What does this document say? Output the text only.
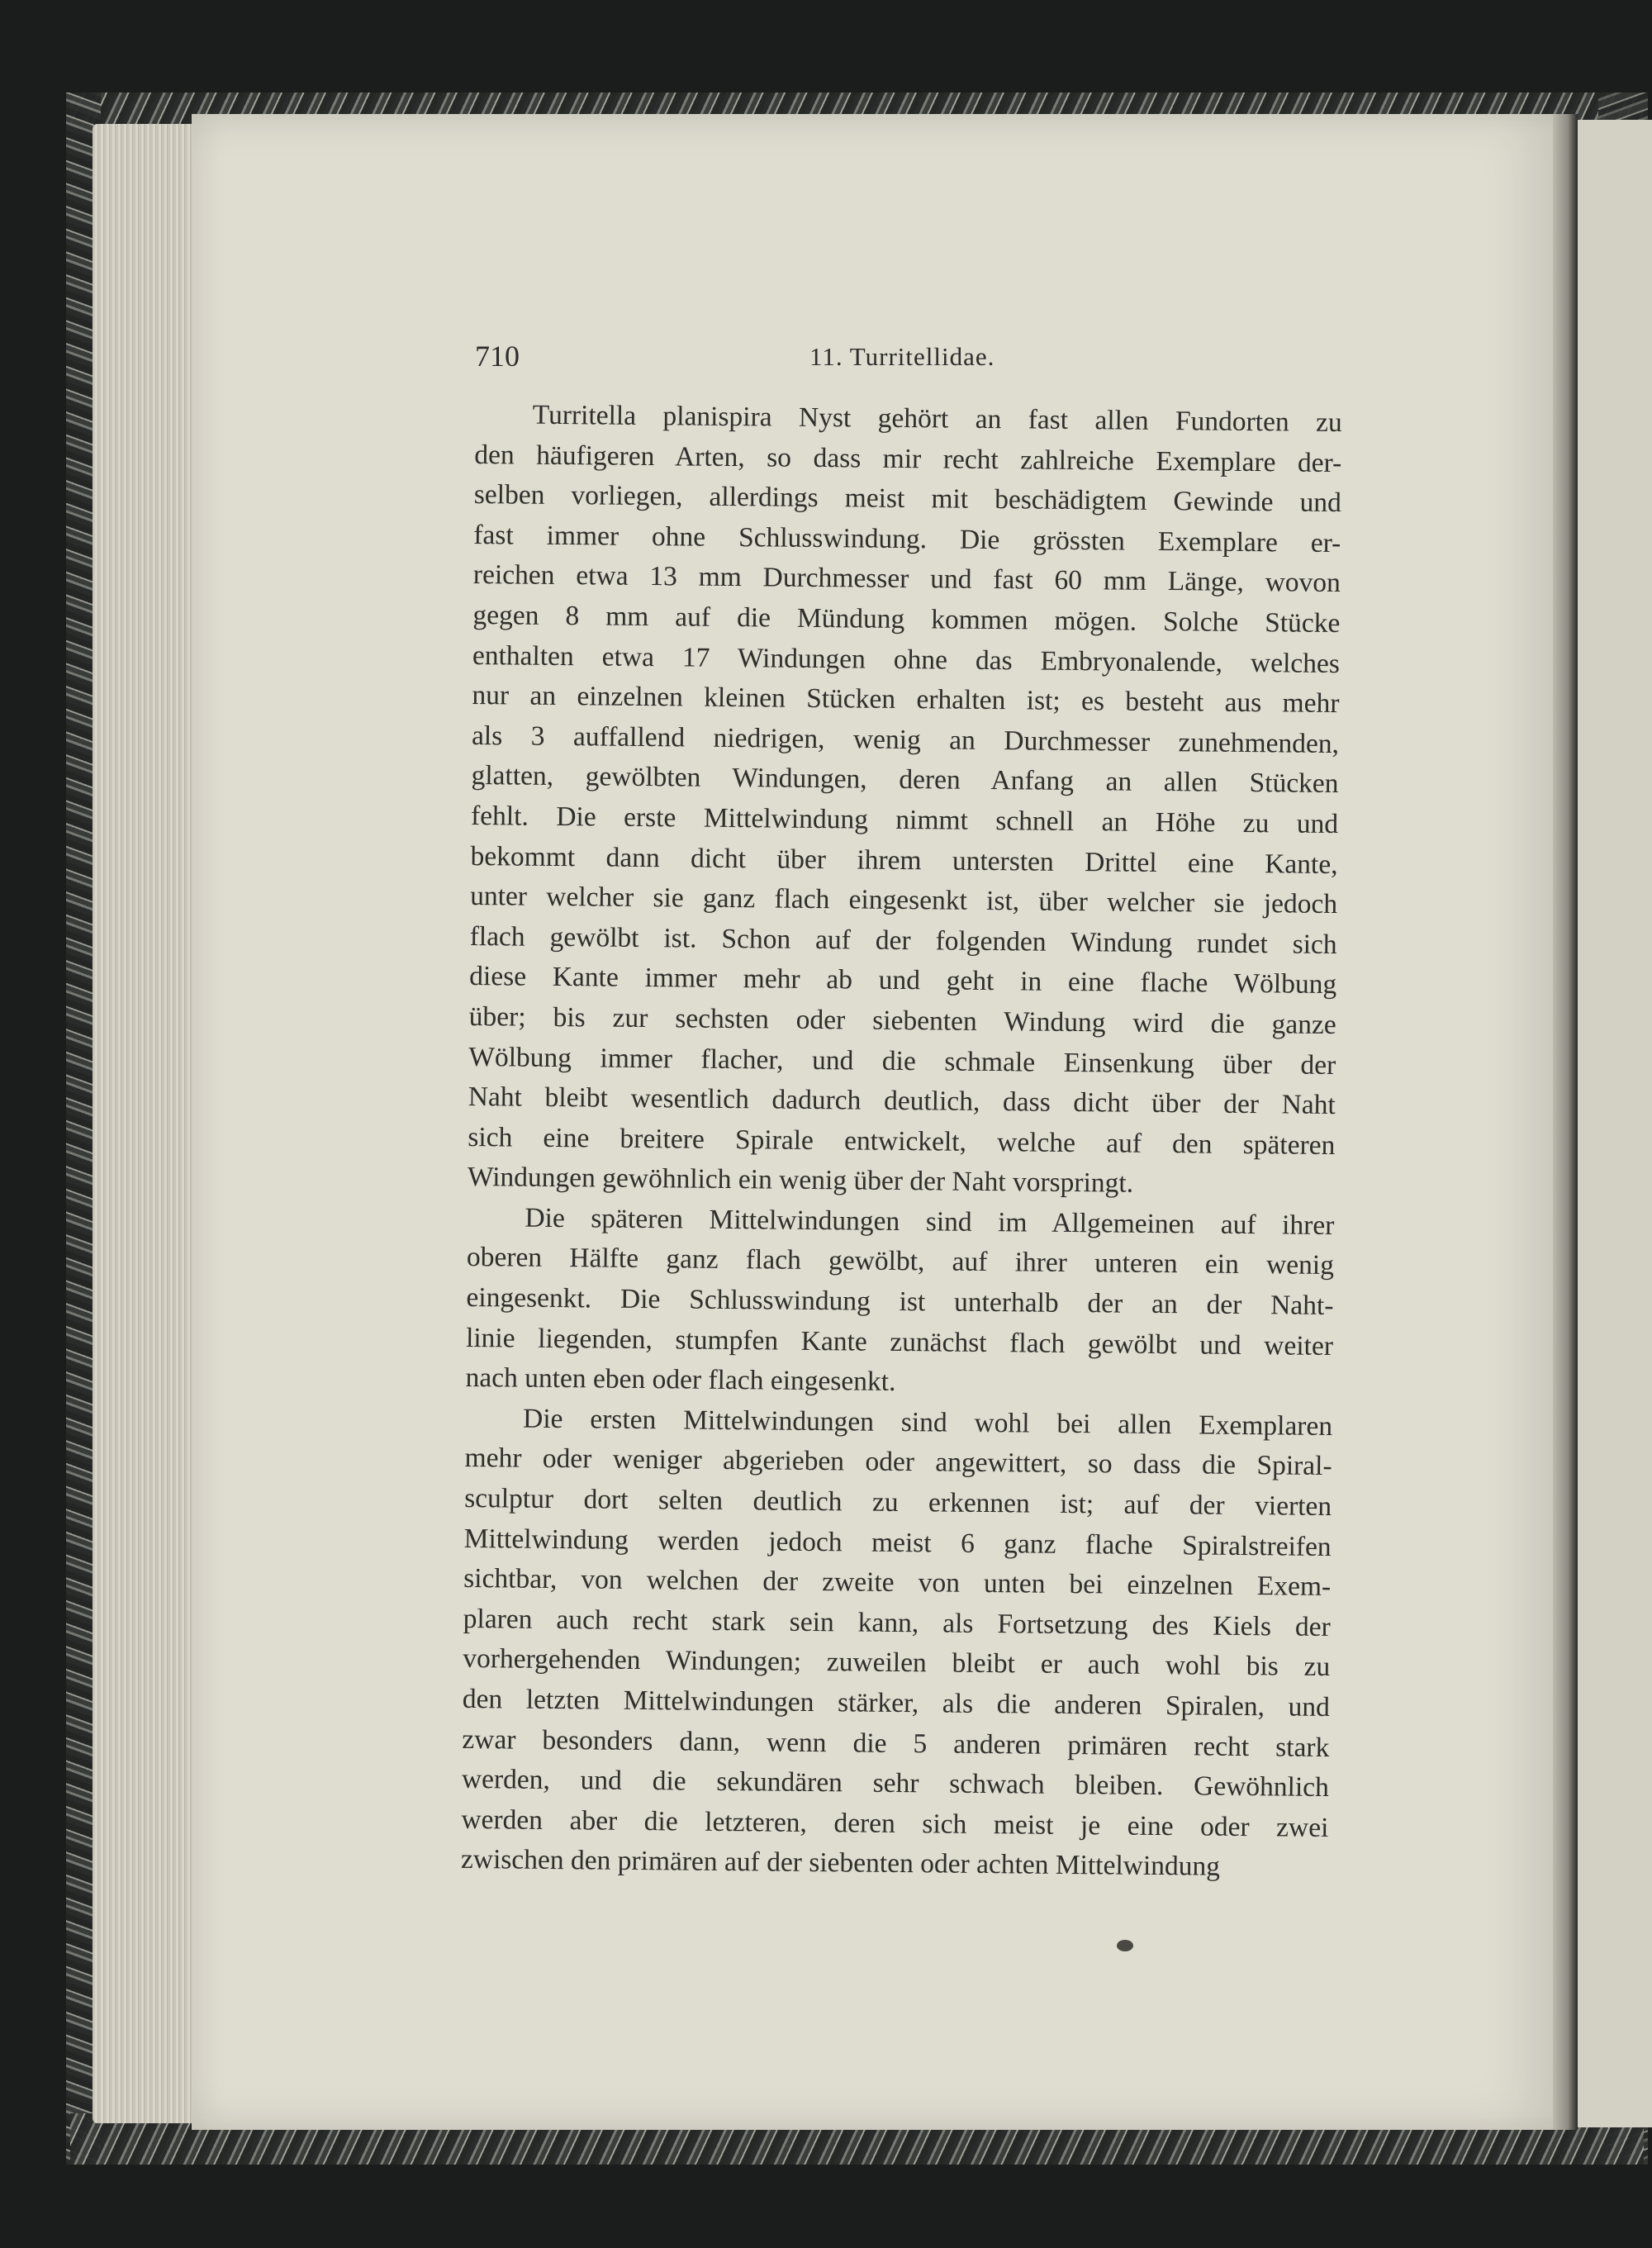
710	11. Turritellidae.
Turritella planispira Nyst gehört an fast allen Fundorten zu
den häufigeren Arten, so dass mir recht zahlreiche Exemplare der-
selben vorliegen, allerdings meist mit beschädigtem Gewinde und
fast immer ohne Schlusswindung. Die grössten Exemplare er-
reichen etwa 13 mm Durchmesser und fast 60 mm Länge, wovon
gegen 8 mm auf die Mündung kommen mögen. Solche Stücke
enthalten etwa 17 Windungen ohne das Embryonalende, welches
nur an einzelnen kleinen Stücken erhalten ist; es besteht aus mehr
als 3 auffallend niedrigen, wenig an Durchmesser zunehmenden,
glatten, gewölbten Windungen, deren Anfang an allen Stücken
fehlt. Die erste Mittelwindung nimmt schnell an Höhe zu und
bekommt dann dicht über ihrem untersten Drittel eine Kante,
unter welcher sie ganz flach eingesenkt ist, über welcher sie jedoch
flach gewölbt ist. Schon auf der folgenden Windung rundet sich
diese Kante immer mehr ab und geht in eine flache Wölbung
über; bis zur sechsten oder siebenten Windung wird die ganze
Wölbung immer flacher, und die schmale Einsenkung über der
Naht bleibt wesentlich dadurch deutlich, dass dicht über der Naht
sich eine breitere Spirale entwickelt, welche auf den späteren
Windungen gewöhnlich ein wenig über der Naht vorspringt.
Die späteren Mittelwindungen sind im Allgemeinen auf ihrer
oberen Hälfte ganz flach gewölbt, auf ihrer unteren ein wenig
eingesenkt. Die Schlusswindung ist unterhalb der an der Naht-
linie liegenden, stumpfen Kante zunächst flach gewölbt und weiter
nach unten eben oder flach eingesenkt.
Die ersten Mittelwindungen sind wohl bei allen Exemplaren
mehr oder weniger abgerieben oder angewittert, so dass die Spiral-
sculptur dort selten deutlich zu erkennen ist; auf der vierten
Mittelwindung werden jedoch meist 6 ganz flache Spiralstreifen
sichtbar, von welchen der zweite von unten bei einzelnen Exem-
plaren auch recht stark sein kann, als Fortsetzung des Kiels der
vorhergehenden Windungen; zuweilen bleibt er auch wohl bis zu
den letzten Mittelwindungen stärker, als die anderen Spiralen, und
zwar besonders dann, wenn die 5 anderen primären recht stark
werden, und die sekundären sehr schwach bleiben. Gewöhnlich
werden aber die letzteren, deren sich meist je eine oder zwei
zwischen den primären auf der siebenten oder achten Mittelwindung
